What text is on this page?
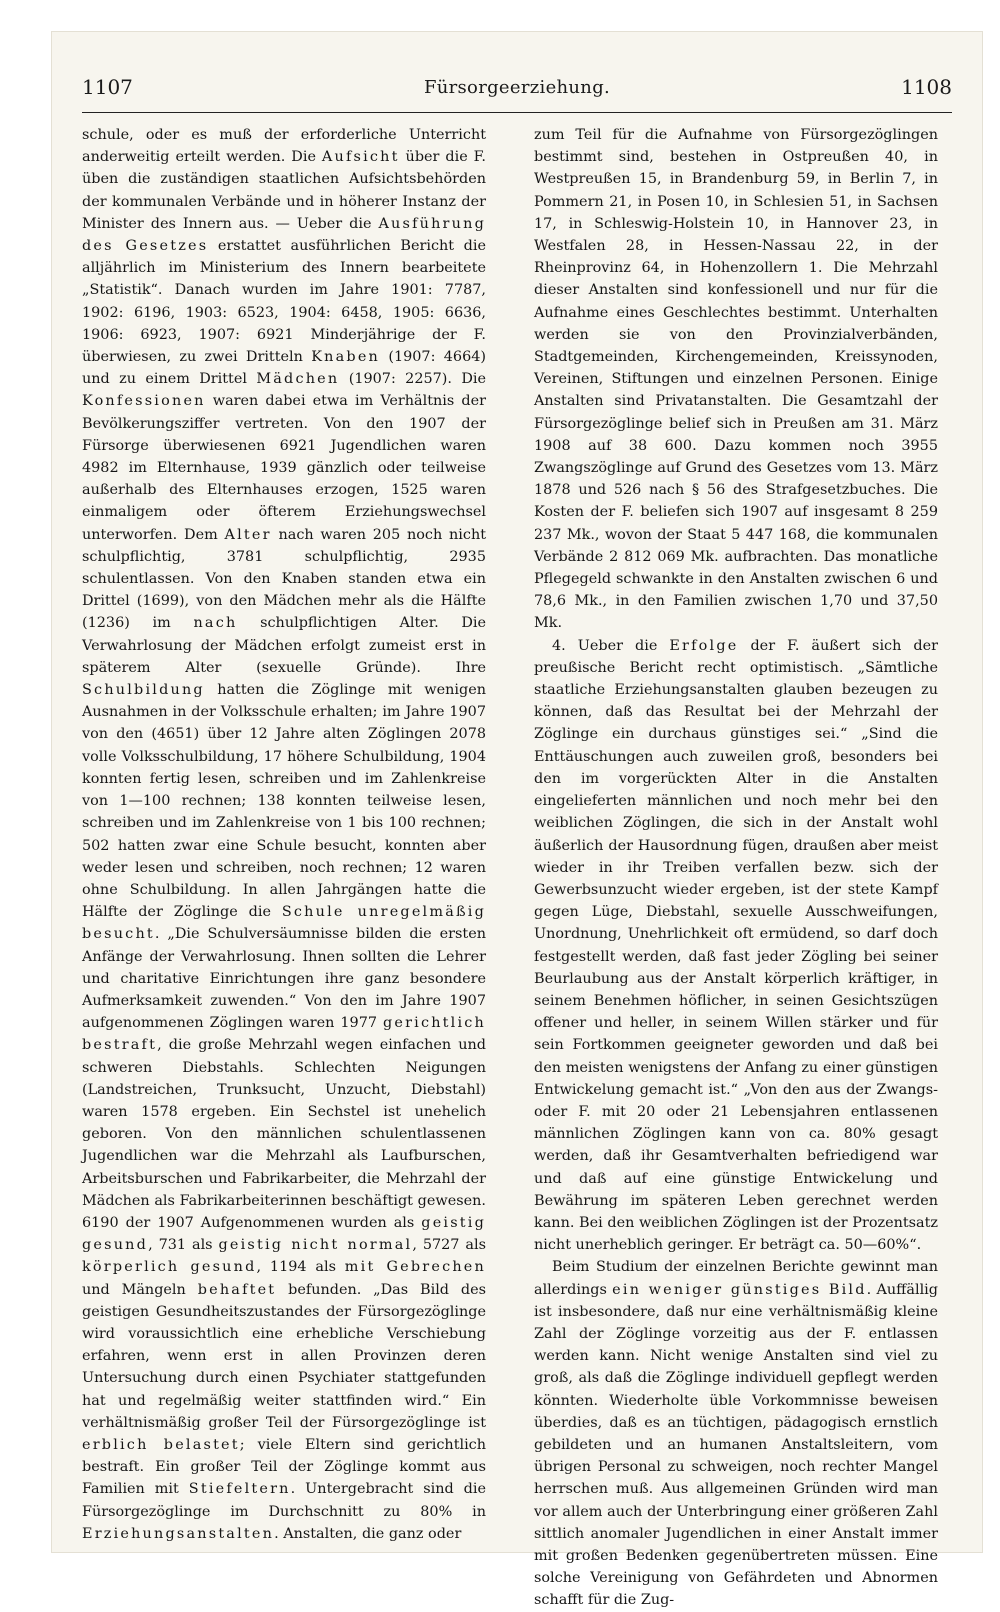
1107	Fürsorgeerziehung.	1108

schule, oder es muß der erforderliche Unterricht anderweitig erteilt werden. Die Aufsicht über die F. üben die zuständigen staatlichen Aufsichtsbehörden der kommunalen Verbände und in höherer Instanz der Minister des Innern aus. — Ueber die Ausführung des Gesetzes erstattet ausführlichen Bericht die alljährlich im Ministerium des Innern bearbeitete „Statistik“. Danach wurden im Jahre 1901: 7787, 1902: 6196, 1903: 6523, 1904: 6458, 1905: 6636, 1906: 6923, 1907: 6921 Minderjährige der F. überwiesen, zu zwei Dritteln Knaben (1907: 4664) und zu einem Drittel Mädchen (1907: 2257). Die Konfessionen waren dabei etwa im Verhältnis der Bevölkerungsziffer vertreten. Von den 1907 der Fürsorge überwiesenen 6921 Jugendlichen waren 4982 im Elternhause, 1939 gänzlich oder teilweise außerhalb des Elternhauses erzogen, 1525 waren einmaligem oder öfterem Erziehungswechsel unterworfen. Dem Alter nach waren 205 noch nicht schulpflichtig, 3781 schulpflichtig, 2935 schulentlassen. Von den Knaben standen etwa ein Drittel (1699), von den Mädchen mehr als die Hälfte (1236) im nach schulpflichtigen Alter. Die Verwahrlosung der Mädchen erfolgt zumeist erst in späterem Alter (sexuelle Gründe). Ihre Schulbildung hatten die Zöglinge mit wenigen Ausnahmen in der Volksschule erhalten; im Jahre 1907 von den (4651) über 12 Jahre alten Zöglingen 2078 volle Volksschulbildung, 17 höhere Schulbildung, 1904 konnten fertig lesen, schreiben und im Zahlenkreise von 1—100 rechnen; 138 konnten teilweise lesen, schreiben und im Zahlenkreise von 1 bis 100 rechnen; 502 hatten zwar eine Schule besucht, konnten aber weder lesen und schreiben, noch rechnen; 12 waren ohne Schulbildung. In allen Jahrgängen hatte die Hälfte der Zöglinge die Schule unregelmäßig besucht. „Die Schulversäumnisse bilden die ersten Anfänge der Verwahrlosung. Ihnen sollten die Lehrer und charitative Einrichtungen ihre ganz besondere Aufmerksamkeit zuwenden.“ Von den im Jahre 1907 aufgenommenen Zöglingen waren 1977 gerichtlich bestraft, die große Mehrzahl wegen einfachen und schweren Diebstahls. Schlechten Neigungen (Landstreichen, Trunksucht, Unzucht, Diebstahl) waren 1578 ergeben. Ein Sechstel ist unehelich geboren. Von den männlichen schulentlassenen Jugendlichen war die Mehrzahl als Laufburschen, Arbeitsburschen und Fabrikarbeiter, die Mehrzahl der Mädchen als Fabrikarbeiterinnen beschäftigt gewesen. 6190 der 1907 Aufgenommenen wurden als geistig gesund, 731 als geistig nicht normal, 5727 als körperlich gesund, 1194 als mit Gebrechen und Mängeln behaftet befunden. „Das Bild des geistigen Gesundheitszustandes der Fürsorgezöglinge wird voraussichtlich eine erhebliche Verschiebung erfahren, wenn erst in allen Provinzen deren Untersuchung durch einen Psychiater stattgefunden hat und regelmäßig weiter stattfinden wird.“ Ein verhältnismäßig großer Teil der Fürsorgezöglinge ist erblich belastet; viele Eltern sind gerichtlich bestraft. Ein großer Teil der Zöglinge kommt aus Familien mit Stiefeltern. Untergebracht sind die Fürsorgezöglinge im Durchschnitt zu 80% in Erziehungsanstalten. Anstalten, die ganz oder

zum Teil für die Aufnahme von Fürsorgezöglingen bestimmt sind, bestehen in Ostpreußen 40, in Westpreußen 15, in Brandenburg 59, in Berlin 7, in Pommern 21, in Posen 10, in Schlesien 51, in Sachsen 17, in Schleswig-Holstein 10, in Hannover 23, in Westfalen 28, in Hessen-Nassau 22, in der Rheinprovinz 64, in Hohenzollern 1. Die Mehrzahl dieser Anstalten sind konfessionell und nur für die Aufnahme eines Geschlechtes bestimmt. Unterhalten werden sie von den Provinzialverbänden, Stadtgemeinden, Kirchengemeinden, Kreissynoden, Vereinen, Stiftungen und einzelnen Personen. Einige Anstalten sind Privatanstalten. Die Gesamtzahl der Fürsorgezöglinge belief sich in Preußen am 31. März 1908 auf 38 600. Dazu kommen noch 3955 Zwangszöglinge auf Grund des Gesetzes vom 13. März 1878 und 526 nach § 56 des Strafgesetzbuches. Die Kosten der F. beliefen sich 1907 auf insgesamt 8 259 237 Mk., wovon der Staat 5 447 168, die kommunalen Verbände 2 812 069 Mk. aufbrachten. Das monatliche Pflegegeld schwankte in den Anstalten zwischen 6 und 78,6 Mk., in den Familien zwischen 1,70 und 37,50 Mk.

4. Ueber die Erfolge der F. äußert sich der preußische Bericht recht optimistisch. „Sämtliche staatliche Erziehungsanstalten glauben bezeugen zu können, daß das Resultat bei der Mehrzahl der Zöglinge ein durchaus günstiges sei.“ „Sind die Enttäuschungen auch zuweilen groß, besonders bei den im vorgerückten Alter in die Anstalten eingelieferten männlichen und noch mehr bei den weiblichen Zöglingen, die sich in der Anstalt wohl äußerlich der Hausordnung fügen, draußen aber meist wieder in ihr Treiben verfallen bezw. sich der Gewerbsunzucht wieder ergeben, ist der stete Kampf gegen Lüge, Diebstahl, sexuelle Ausschweifungen, Unordnung, Unehrlichkeit oft ermüdend, so darf doch festgestellt werden, daß fast jeder Zögling bei seiner Beurlaubung aus der Anstalt körperlich kräftiger, in seinem Benehmen höflicher, in seinen Gesichtszügen offener und heller, in seinem Willen stärker und für sein Fortkommen geeigneter geworden und daß bei den meisten wenigstens der Anfang zu einer günstigen Entwickelung gemacht ist.“ „Von den aus der Zwangs- oder F. mit 20 oder 21 Lebensjahren entlassenen männlichen Zöglingen kann von ca. 80% gesagt werden, daß ihr Gesamtverhalten befriedigend war und daß auf eine günstige Entwickelung und Bewährung im späteren Leben gerechnet werden kann. Bei den weiblichen Zöglingen ist der Prozentsatz nicht unerheblich geringer. Er beträgt ca. 50—60%“.

Beim Studium der einzelnen Berichte gewinnt man allerdings ein weniger günstiges Bild. Auffällig ist insbesondere, daß nur eine verhältnismäßig kleine Zahl der Zöglinge vorzeitig aus der F. entlassen werden kann. Nicht wenige Anstalten sind viel zu groß, als daß die Zöglinge individuell gepflegt werden könnten. Wiederholte üble Vorkommnisse beweisen überdies, daß es an tüchtigen, pädagogisch ernstlich gebildeten und an humanen Anstaltsleitern, vom übrigen Personal zu schweigen, noch rechter Mangel herrschen muß. Aus allgemeinen Gründen wird man vor allem auch der Unterbringung einer größeren Zahl sittlich anomaler Jugendlichen in einer Anstalt immer mit großen Bedenken gegenübertreten müssen. Eine solche Vereinigung von Gefährdeten und Abnormen schafft für die Zug-
